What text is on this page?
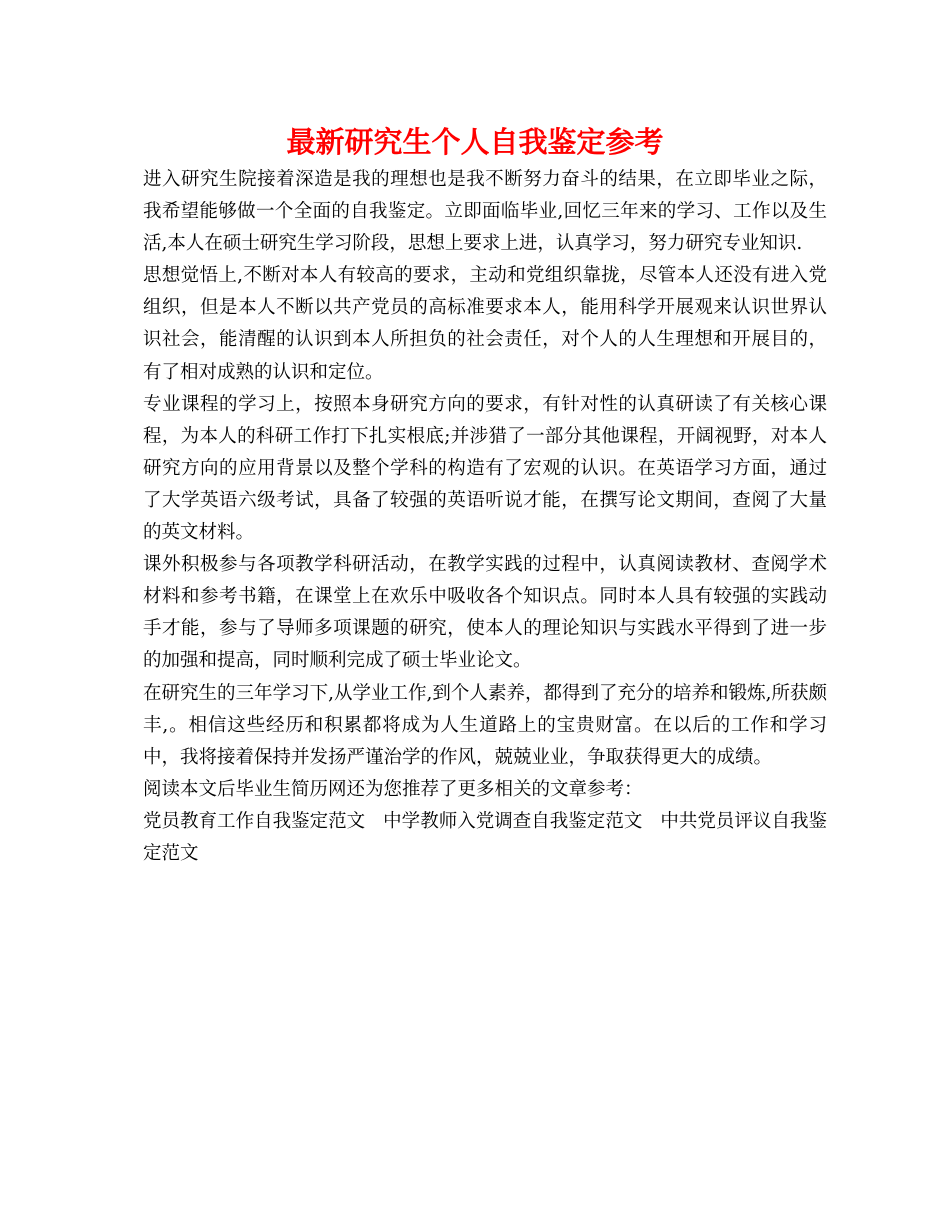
最新研究生个人自我鉴定参考

进入研究生院接着深造是我的理想也是我不断努力奋斗的结果，在立即毕业之际，我希望能够做一个全面的自我鉴定。立即面临毕业,回忆三年来的学习、工作以及生活,本人在硕士研究生学习阶段，思想上要求上进，认真学习，努力研究专业知识.

思想觉悟上,不断对本人有较高的要求，主动和党组织靠拢，尽管本人还没有进入党组织，但是本人不断以共产党员的高标准要求本人，能用科学开展观来认识世界认识社会，能清醒的认识到本人所担负的社会责任，对个人的人生理想和开展目的，有了相对成熟的认识和定位。

专业课程的学习上，按照本身研究方向的要求，有针对性的认真研读了有关核心课程，为本人的科研工作打下扎实根底;并涉猎了一部分其他课程，开阔视野，对本人研究方向的应用背景以及整个学科的构造有了宏观的认识。在英语学习方面，通过了大学英语六级考试，具备了较强的英语听说才能，在撰写论文期间，查阅了大量的英文材料。

课外积极参与各项教学科研活动，在教学实践的过程中，认真阅读教材、查阅学术材料和参考书籍，在课堂上在欢乐中吸收各个知识点。同时本人具有较强的实践动手才能，参与了导师多项课题的研究，使本人的理论知识与实践水平得到了进一步的加强和提高，同时顺利完成了硕士毕业论文。

在研究生的三年学习下,从学业工作,到个人素养，都得到了充分的培养和锻炼,所获颇丰,。相信这些经历和积累都将成为人生道路上的宝贵财富。在以后的工作和学习中，我将接着保持并发扬严谨治学的作风，兢兢业业，争取获得更大的成绩。

阅读本文后毕业生简历网还为您推荐了更多相关的文章参考：

党员教育工作自我鉴定范文 中学教师入党调查自我鉴定范文 中共党员评议自我鉴定范文
